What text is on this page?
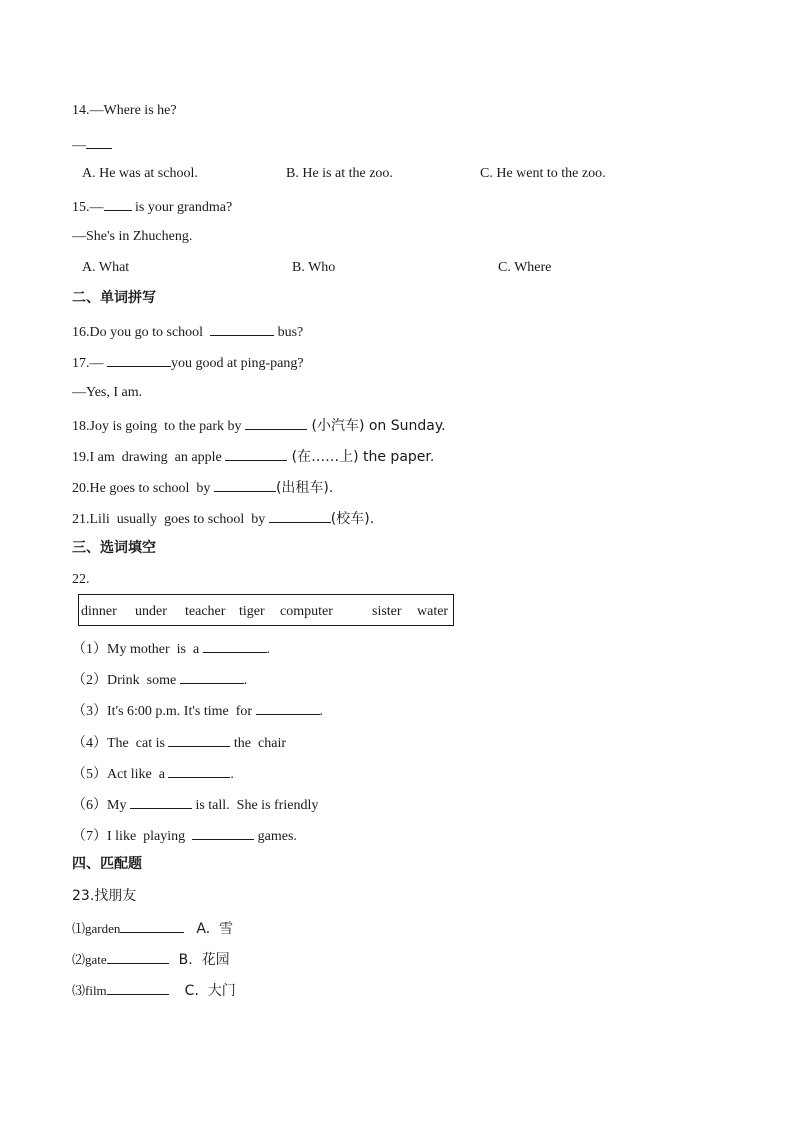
14.—Where is he?
—
A. He was at school.	B. He is at the zoo.	C. He went to the zoo.
15.— is your grandma?
—She's in Zhucheng.
A. What	B. Who	C. Where
二、单词拼写
16.Do you go to school	bus?
17.—	you good at ping-pang?
—Yes, I am.
18.Joy is going  to the park by	(小汽车) on Sunday.
19.I am  drawing  an apple	(在……上) the paper.
20.He goes to school  by	(出租车).
21.Lili  usually  goes to school  by	(校车).
三、选词填空
22.
dinner under teacher tiger computer	sister water
（1）My mother  is  a	.
（2）Drink  some	.
（3）It's 6:00 p.m. It's time  for	.
（4）The  cat is	the  chair
（5）Act like  a	.
（6）My	is tall.  She is friendly
（7）I like  playing	games.
四、匹配题
23.找朋友
⑴garden	A.  雪
⑵gate	B.  花园
⑶film	C.  大门
